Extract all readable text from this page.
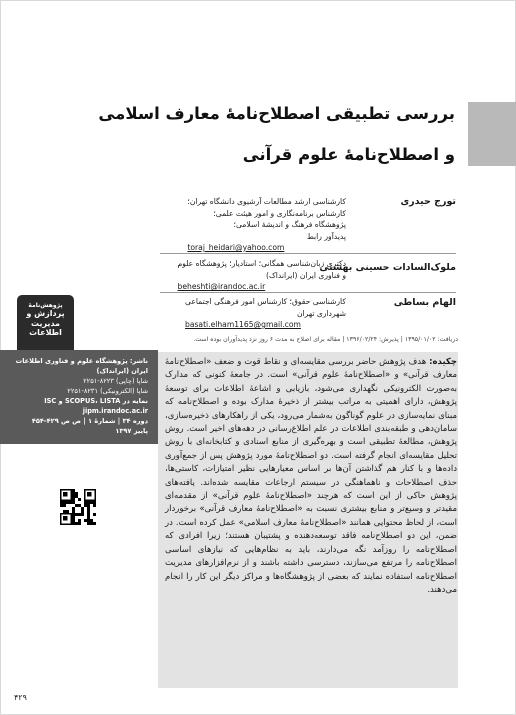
بررسی تطبیقی اصطلاح‌نامهٔ معارف اسلامی
و اصطلاح‌نامهٔ علوم قرآنی
تورج حیدری
کارشناسی ارشد مطالعات آرشیوی دانشگاه تهران؛
کارشناس برنامه‌نگاری و امور هیئت علمی؛
پژوهشگاه فرهنگ و اندیشهٔ اسلامی؛
پدیدآور رابط
toraj_heidari@yahoo.com
ملوک‌السادات حسینی بهشتی
دکتری زبان‌شناسی همگانی؛ استادیار؛ پژوهشگاه علوم
و فناوری ایران (ایرانداک)
beheshti@irandoc.ac.ir
الهام بساطی
کارشناسی حقوق؛ کارشناس امور فرهنگی اجتماعی
شهرداری تهران
basati.elham1165@gmail.com
دریافت: ۱۳۹۵/۰۱/۰۲ | پذیرش: ۱۳۹۶/۰۲/۲۴ | مقاله برای اصلاح به مدت ۶ روز نزد پدیدآوران بوده است.
پژوهش‌نامهٔ
پردازش و
مدیریت
اطلاعات
ناشر: پژوهشگاه علوم و فناوری اطلاعات ایران (ایرانداک)
شاپا (چاپی) ۸۲۲۳-۲۲۵۱
شاپا (الکترونیکی) ۸۲۳۱-۲۲۵۱
نمایه در SCOPUS، LISTA و ISC
jipm.irandoc.ac.ir
دوره ۳۴ | شمارهٔ ۱ | ص ص ۴۲۹-۴۵۴
پاییز ۱۳۹۷
چکیده: هدف پژوهش حاضر بررسی مقایسه‌ای و نقاط قوت و ضعف «اصطلاح‌نامهٔ معارف قرآنی» و «اصطلاح‌نامهٔ علوم قرآنی» است. در جامعهٔ کنونی که مدارک به‌صورت الکترونیکی نگهداری می‌شود، بازیابی و اشاعهٔ اطلاعات برای توسعهٔ پژوهش، دارای اهمیتی به مراتب بیشتر از ذخیرهٔ مدارک بوده و اصطلاح‌نامه که مبنای نمایه‌سازی در علوم گوناگون به‌شمار می‌رود، یکی از راهکارهای ذخیره‌سازی، سامان‌دهی و طبقه‌بندی اطلاعات در علم اطلاع‌رسانی در دهه‌های اخیر است. روش پژوهش، مطالعهٔ تطبیقی است و بهره‌گیری از منابع اسنادی و کتابخانه‌ای با روش تحلیل مقایسه‌ای انجام گرفته است. دو اصطلاح‌نامهٔ مورد پژوهش پس از جمع‌آوری داده‌ها و با کنار هم گذاشتن آن‌ها بر اساس معیارهایی نظیر امتیازات، کاستی‌ها، حذف اصطلاحات و ناهماهنگی در سیستم ارجاعات مقایسه شده‌اند. یافته‌های پژوهش حاکی از این است که هرچند «اصطلاح‌نامهٔ علوم قرآنی» از مقدمه‌ای مقیدتر و وسیع‌تر و منابع بیشتری نسبت به «اصطلاح‌نامهٔ معارف قرآنی» برخوردار است، از لحاظ محتوایی همانند «اصطلاح‌نامهٔ معارف اسلامی» عمل کرده است. در ضمن، این دو اصطلاح‌نامه فاقد توسعه‌دهنده و پشتیبان هستند؛ زیرا افرادی که اصطلاح‌نامه را روزآمد نگه می‌دارند، باید به نظام‌هایی که نیازهای اساسی اصطلاح‌نامه را مرتفع می‌سازند، دسترسی داشته باشند و از نرم‌افزارهای مدیریت اصطلاح‌نامه استفاده نمایند که بعضی از پژوهشگاه‌ها و مراکز دیگر این کار را انجام می‌دهند.
۴۲۹
